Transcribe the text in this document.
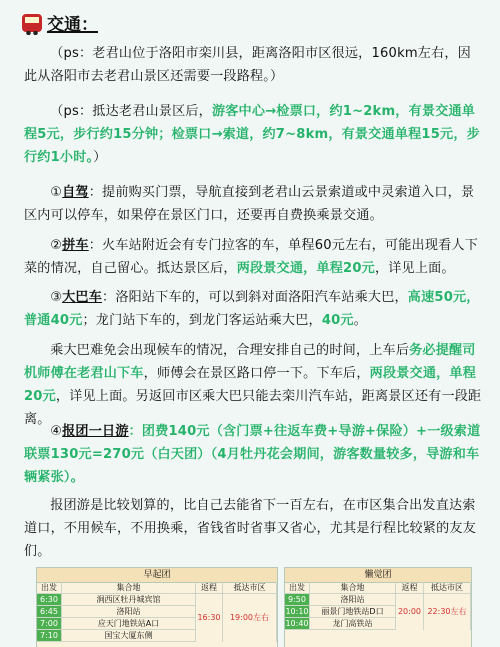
交通：
（ps：老君山位于洛阳市栾川县，距离洛阳市区很远，160km左右，因此从洛阳市去老君山景区还需要一段路程。）
（ps：抵达老君山景区后，游客中心→检票口，约1~2km，有景交通单程5元，步行约15分钟；检票口→索道，约7~8km，有景交通单程15元，步行约1小时。）
①自驾：提前购买门票，导航直接到老君山云景索道或中灵索道入口，景区内可以停车，如果停在景区门口，还要再自费换乘景交通。
②拼车：火车站附近会有专门拉客的车，单程60元左右，可能出现看人下菜的情况，自己留心。抵达景区后，两段景交通，单程20元，详见上面。
③大巴车：洛阳站下车的，可以到斜对面洛阳汽车站乘大巴，高速50元，普通40元；龙门站下车的，到龙门客运站乘大巴，40元。
乘大巴难免会出现候车的情况，合理安排自己的时间，上车后务必提醒司机师傅在老君山下车，师傅会在景区路口停一下。下车后，两段景交通，单程20元，详见上面。另返回市区乘大巴只能去栾川汽车站，距离景区还有一段距离。
④报团一日游：团费140元（含门票+往返车费+导游+保险）+一级索道联票130元=270元（白天团）（4月牡丹花会期间，游客数量较多，导游和车辆紧张）。
报团游是比较划算的，比自己去能省下一百左右，在市区集合出发直达索道口，不用候车，不用换乘，省钱省时省事又省心，尤其是行程比较紧的友友们。
早起团
出发	集合地	返程	抵达市区
6:30	涧西区牡丹城宾馆
6:45	洛阳站
7:00	应天门地铁站A口
7:10	国宝大厦东侧
16:30	19:00左右
懒觉团
出发	集合地	返程	抵达市区
9:50	洛阳站
10:10	丽景门地铁站D口
10:40	龙门高铁站
20:00 22:30左右
